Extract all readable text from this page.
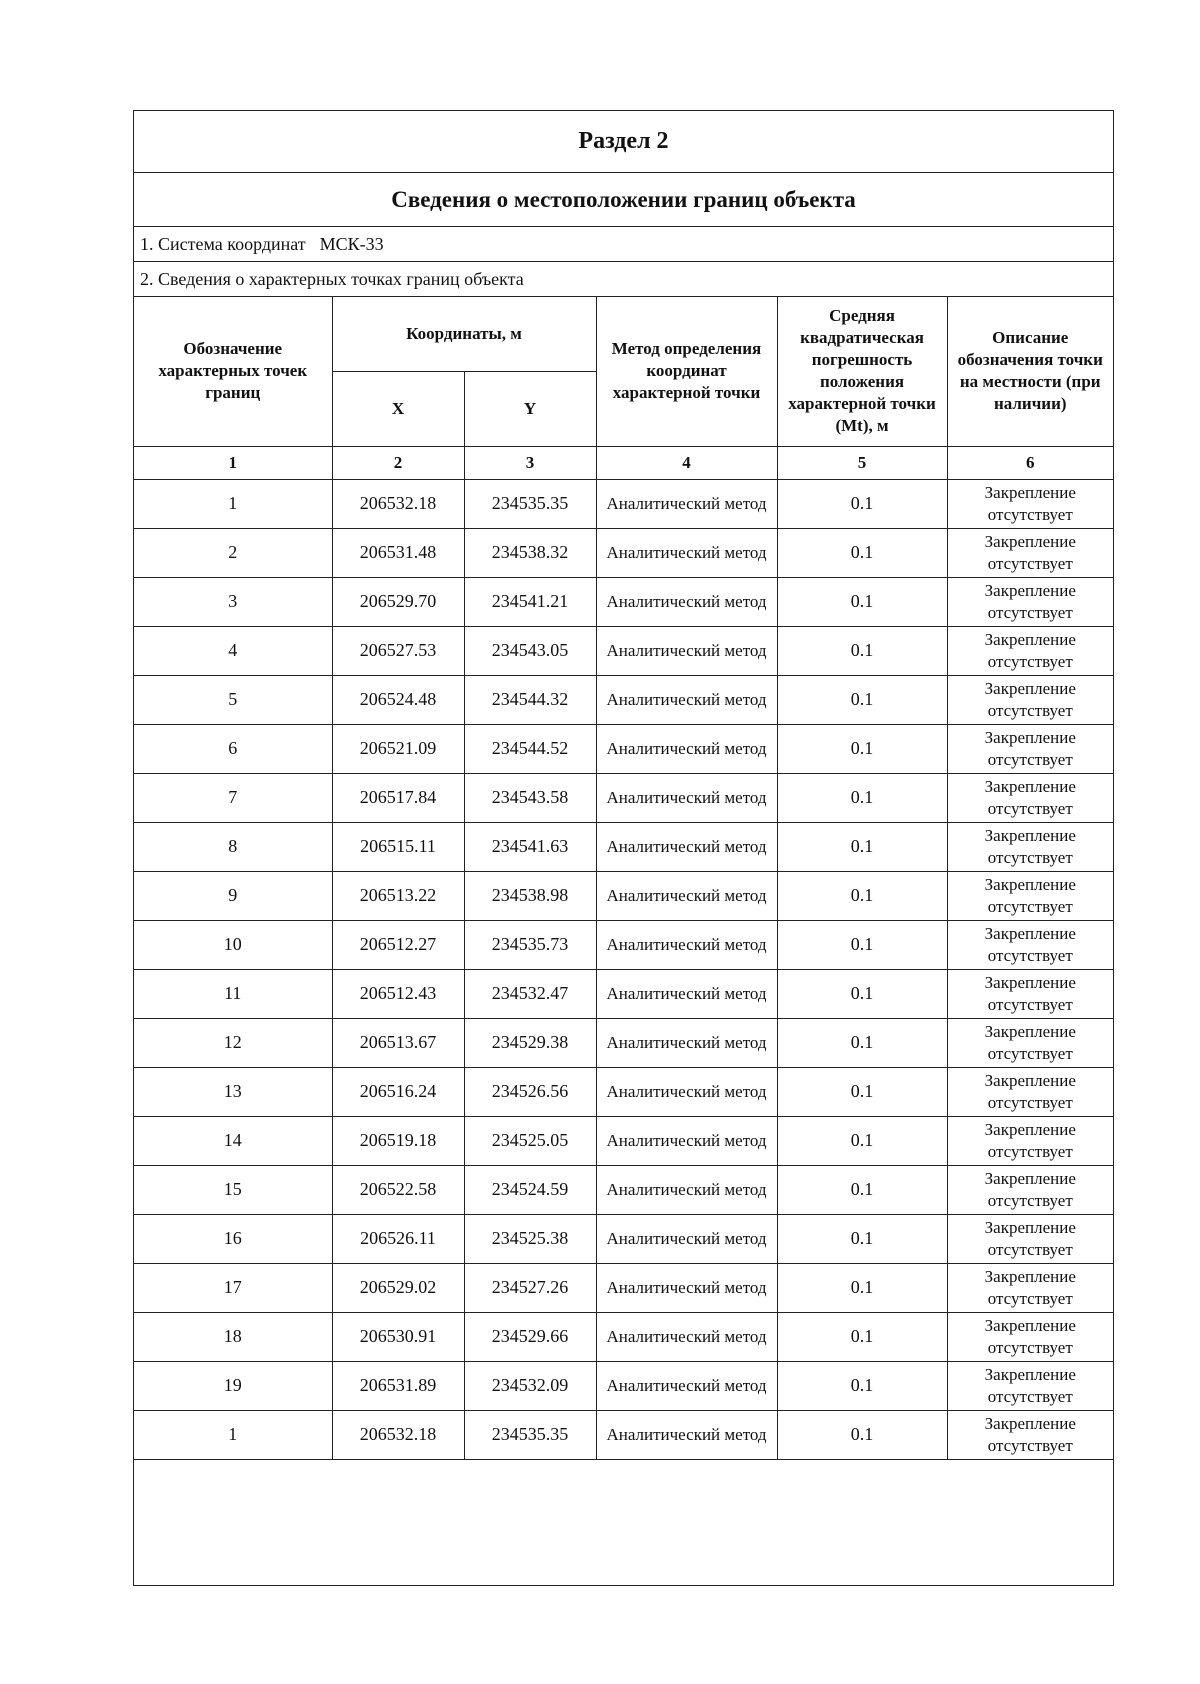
Раздел 2
Сведения о местоположении границ объекта
1. Система координат МСК-33
2. Сведения о характерных точках границ объекта
Обозначение характерных точек границ	Координаты, м		Метод определения координат характерной точки	Средняя квадратическая погрешность положения характерной точки (Mt), м	Описание обозначения точки на местности (при наличии)
	X	Y			
1	2	3	4	5	6
1	206532.18	234535.35	Аналитический метод	0.1	Закрепление отсутствует
2	206531.48	234538.32	Аналитический метод	0.1	Закрепление отсутствует
3	206529.70	234541.21	Аналитический метод	0.1	Закрепление отсутствует
4	206527.53	234543.05	Аналитический метод	0.1	Закрепление отсутствует
5	206524.48	234544.32	Аналитический метод	0.1	Закрепление отсутствует
6	206521.09	234544.52	Аналитический метод	0.1	Закрепление отсутствует
7	206517.84	234543.58	Аналитический метод	0.1	Закрепление отсутствует
8	206515.11	234541.63	Аналитический метод	0.1	Закрепление отсутствует
9	206513.22	234538.98	Аналитический метод	0.1	Закрепление отсутствует
10	206512.27	234535.73	Аналитический метод	0.1	Закрепление отсутствует
11	206512.43	234532.47	Аналитический метод	0.1	Закрепление отсутствует
12	206513.67	234529.38	Аналитический метод	0.1	Закрепление отсутствует
13	206516.24	234526.56	Аналитический метод	0.1	Закрепление отсутствует
14	206519.18	234525.05	Аналитический метод	0.1	Закрепление отсутствует
15	206522.58	234524.59	Аналитический метод	0.1	Закрепление отсутствует
16	206526.11	234525.38	Аналитический метод	0.1	Закрепление отсутствует
17	206529.02	234527.26	Аналитический метод	0.1	Закрепление отсутствует
18	206530.91	234529.66	Аналитический метод	0.1	Закрепление отсутствует
19	206531.89	234532.09	Аналитический метод	0.1	Закрепление отсутствует
1	206532.18	234535.35	Аналитический метод	0.1	Закрепление отсутствует
